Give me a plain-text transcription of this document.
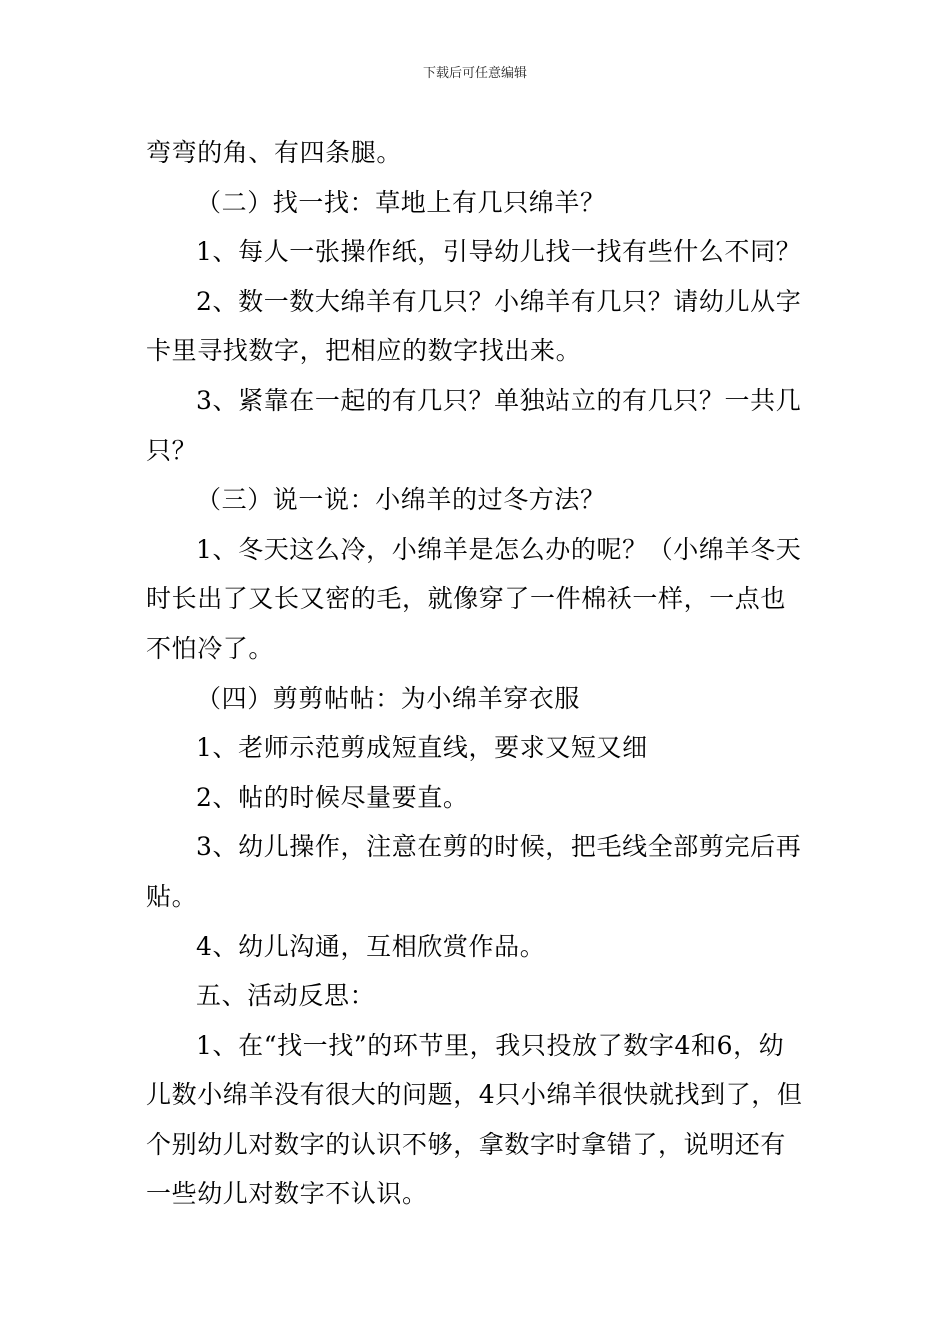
下载后可任意编辑

弯弯的角、有四条腿。

（二）找一找：草地上有几只绵羊？

1、每人一张操作纸，引导幼儿找一找有些什么不同？

2、数一数大绵羊有几只？小绵羊有几只？请幼儿从字卡里寻找数字，把相应的数字找出来。

3、紧靠在一起的有几只？单独站立的有几只？一共几只？

（三）说一说：小绵羊的过冬方法？

1、冬天这么冷，小绵羊是怎么办的呢？（小绵羊冬天时长出了又长又密的毛，就像穿了一件棉袄一样，一点也不怕冷了。

（四）剪剪帖帖：为小绵羊穿衣服

1、老师示范剪成短直线，要求又短又细

2、帖的时候尽量要直。

3、幼儿操作，注意在剪的时候，把毛线全部剪完后再贴。

4、幼儿沟通，互相欣赏作品。

五、活动反思：

1、在“找一找”的环节里，我只投放了数字4和6，幼儿数小绵羊没有很大的问题，4只小绵羊很快就找到了，但个别幼儿对数字的认识不够，拿数字时拿错了，说明还有一些幼儿对数字不认识。
